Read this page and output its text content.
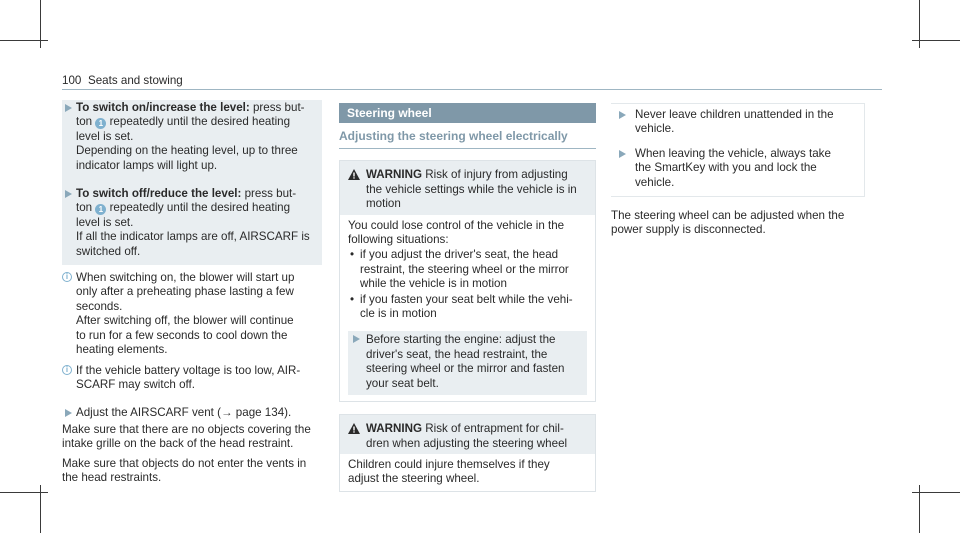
100 Seats and stowing
To switch on/increase the level: press but-
ton 1 repeatedly until the desired heating
level is set.
Depending on the heating level, up to three
indicator lamps will light up.
To switch off/reduce the level: press but-
ton 1 repeatedly until the desired heating
level is set.
If all the indicator lamps are off, AIRSCARF is
switched off.
i When switching on, the blower will start up
only after a preheating phase lasting a few
seconds.
After switching off, the blower will continue
to run for a few seconds to cool down the
heating elements.
i If the vehicle battery voltage is too low, AIR-
SCARF may switch off.
Adjust the AIRSCARF vent (→ page 134).

Make sure that there are no objects covering the
intake grille on the back of the head restraint.

Make sure that objects do not enter the vents in
the head restraints.

Steering wheel
Adjusting the steering wheel electrically
WARNING Risk of injury from adjusting
the vehicle settings while the vehicle is in
motion
You could lose control of the vehicle in the
following situations:
• if you adjust the driver's seat, the head
restraint, the steering wheel or the mirror
while the vehicle is in motion
• if you fasten your seat belt while the vehi-
cle is in motion
Before starting the engine: adjust the
driver's seat, the head restraint, the
steering wheel or the mirror and fasten
your seat belt.
WARNING Risk of entrapment for chil-
dren when adjusting the steering wheel
Children could injure themselves if they
adjust the steering wheel.
Never leave children unattended in the
vehicle.
When leaving the vehicle, always take
the SmartKey with you and lock the
vehicle.

The steering wheel can be adjusted when the
power supply is disconnected.
